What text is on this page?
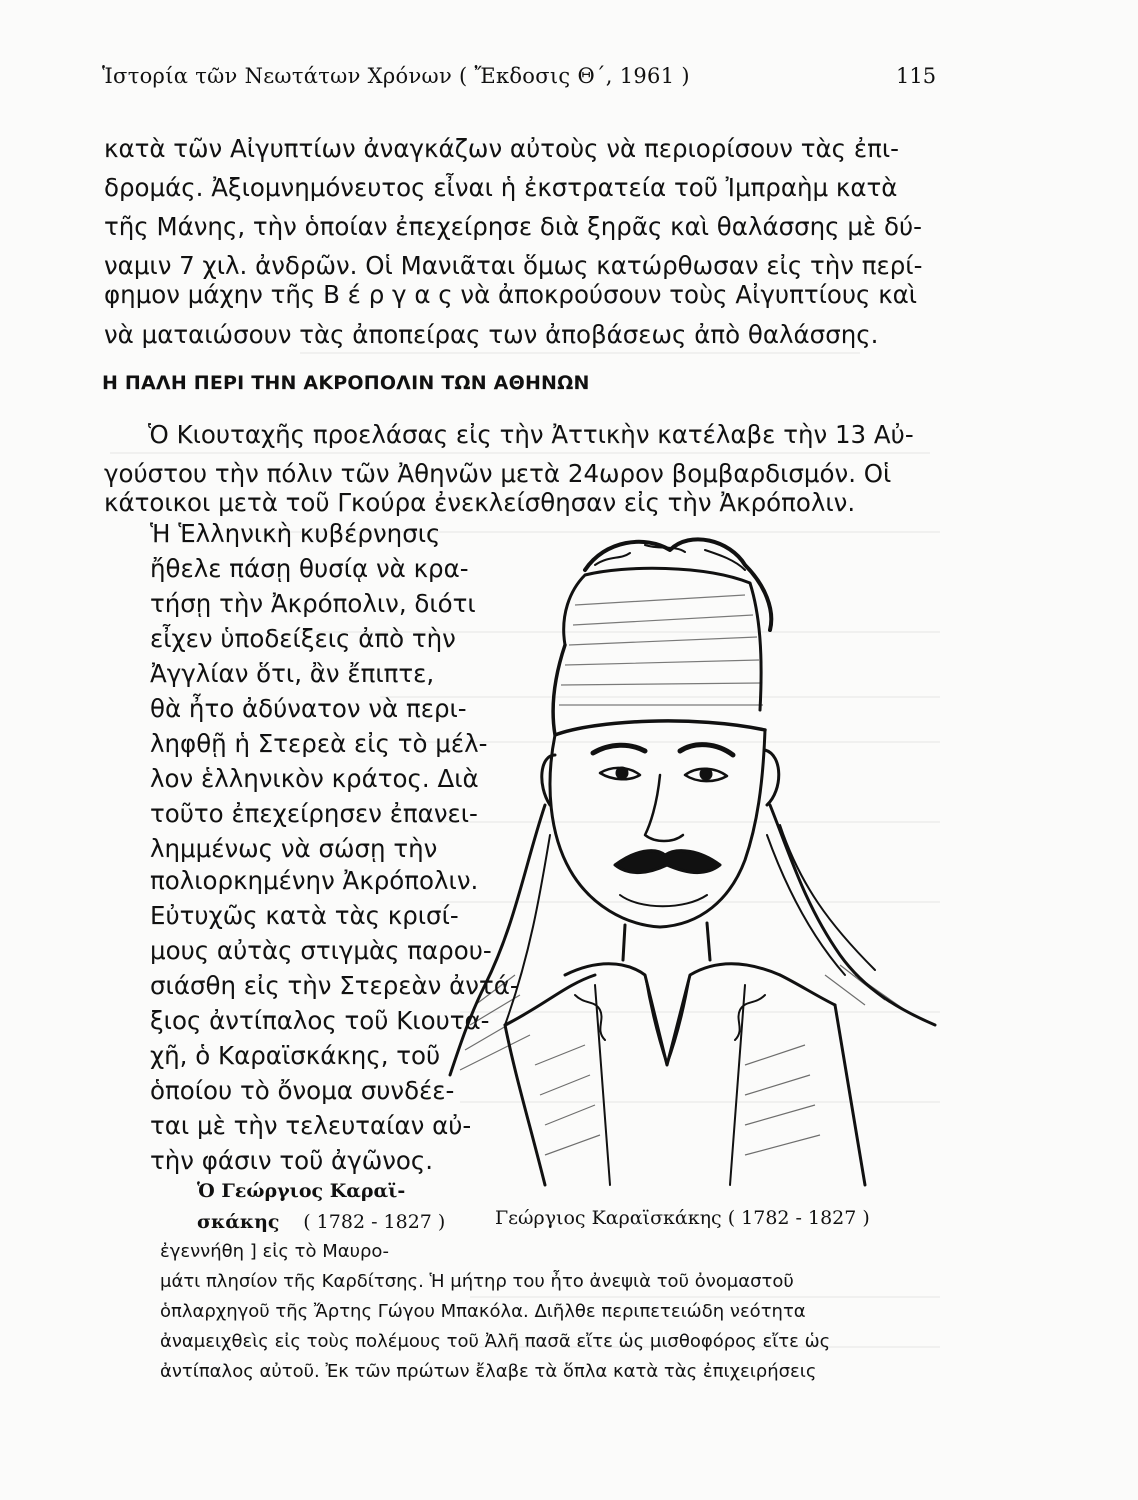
Ἱστορία τῶν Νεωτάτων Χρόνων ( Ἔκδοσις Θ΄, 1961 )	115

κατὰ τῶν Αἰγυπτίων ἀναγκάζων αὐτοὺς νὰ περιορίσουν τὰς ἐπι-

δρομάς. Ἀξιομνημόνευτος εἶναι ἡ ἐκστρατεία τοῦ Ἰμπραὴμ κατὰ

τῆς Μάνης, τὴν ὁποίαν ἐπεχείρησε διὰ ξηρᾶς καὶ θαλάσσης μὲ δύ-

ναμιν 7 χιλ. ἀνδρῶν. Οἱ Μανιᾶται ὅμως κατώρθωσαν εἰς τὴν περί-

φημον μάχην τῆς Β έ ρ γ α ς νὰ ἀποκρούσουν τοὺς Αἰγυπτίους καὶ

νὰ ματαιώσουν τὰς ἀποπείρας των ἀποβάσεως ἀπὸ θαλάσσης.

Η ΠΑΛΗ ΠΕΡΙ ΤΗΝ ΑΚΡΟΠΟΛΙΝ ΤΩΝ ΑΘΗΝΩΝ

Ὁ Κιουταχῆς προελάσας εἰς τὴν Ἀττικὴν κατέλαβε τὴν 13 Αὐ-

γούστου τὴν πόλιν τῶν Ἀθηνῶν μετὰ 24ωρον βομβαρδισμόν. Οἱ

κάτοικοι μετὰ τοῦ Γκούρα ἐνεκλείσθησαν εἰς τὴν Ἀκρόπολιν.

Ἡ Ἑλληνικὴ κυβέρνησις

ἤθελε πάσῃ θυσίᾳ νὰ κρα-

τήσῃ τὴν Ἀκρόπολιν, διότι

εἶχεν ὑποδείξεις ἀπὸ τὴν

Ἀγγλίαν ὅτι, ἂν ἔπιπτε,

θὰ ἦτο ἀδύνατον νὰ περι-

ληφθῇ ἡ Στερεὰ εἰς τὸ μέλ-

λον ἑλληνικὸν κράτος. Διὰ

τοῦτο ἐπεχείρησεν ἐπανει-

λημμένως νὰ σώσῃ τὴν

πολιορκημένην Ἀκρόπολιν.

Εὐτυχῶς κατὰ τὰς κρισί-

μους αὐτὰς στιγμὰς παρου-

σιάσθη εἰς τὴν Στερεὰν ἀντά-

ξιος ἀντίπαλος τοῦ Κιουτα-

χῆ, ὁ Καραϊσκάκης, τοῦ

ὁποίου τὸ ὄνομα συνδέε-

ται μὲ τὴν τελευταίαν αὐ-

τὴν φάσιν τοῦ ἀγῶνος.

Γεώργιος Καραϊσκάκης ( 1782 - 1827 )

Ὁ Γεώργιος Καραϊ-

σκάκης ( 1782 - 1827 )

ἐγεννήθη ] εἰς τὸ Μαυρο-

μάτι πλησίον τῆς Καρδίτσης. Ἡ μήτηρ του ἦτο ἀνεψιὰ τοῦ ὀνομαστοῦ

ὁπλαρχηγοῦ τῆς Ἄρτης Γώγου Μπακόλα. Διῆλθε περιπετειώδη νεότητα

ἀναμειχθεὶς εἰς τοὺς πολέμους τοῦ Ἀλῆ πασᾶ εἴτε ὡς μισθοφόρος εἴτε ὡς

ἀντίπαλος αὐτοῦ. Ἐκ τῶν πρώτων ἔλαβε τὰ ὅπλα κατὰ τὰς ἐπιχειρήσεις
